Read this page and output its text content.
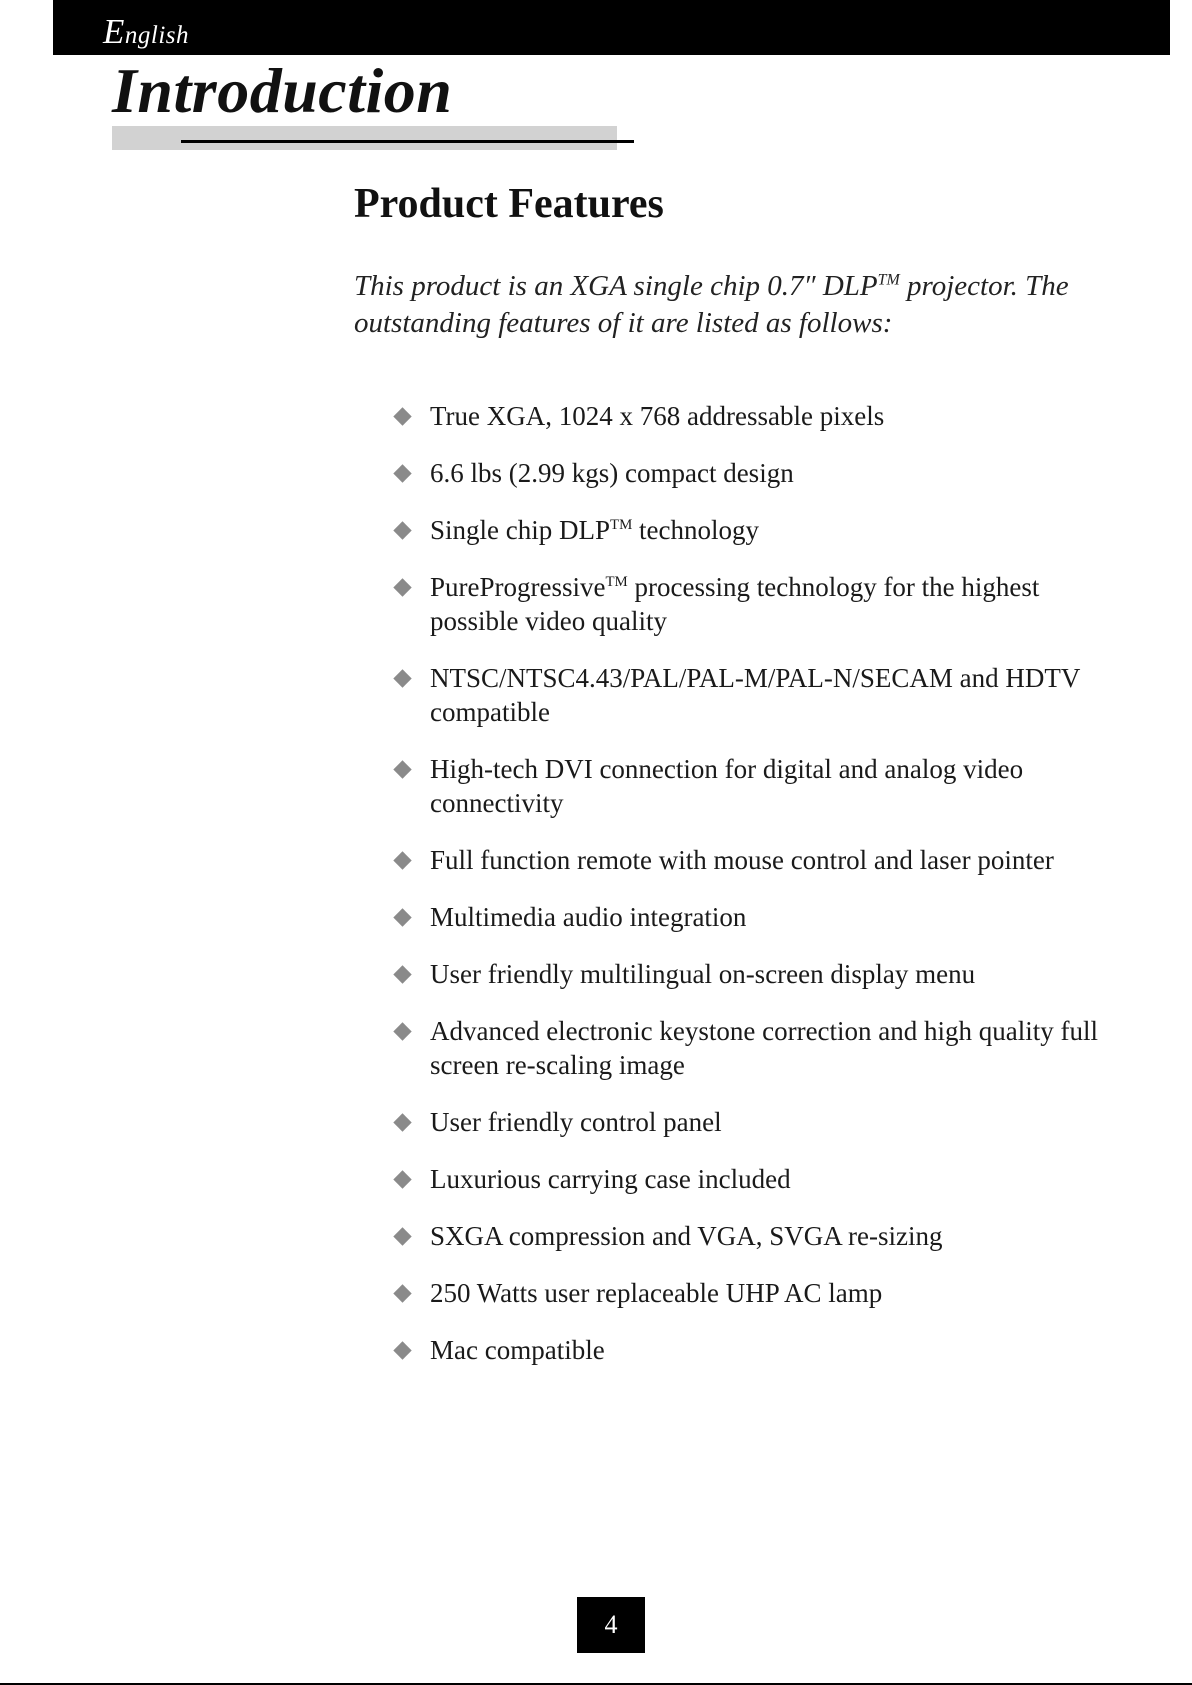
English
Introduction
Product Features

This product is an XGA single chip 0.7″ DLP™ projector. The
outstanding features of it are listed as follows:

True XGA, 1024 x 768 addressable pixels
6.6 lbs (2.99 kgs) compact design
Single chip DLP™ technology
PureProgressive™ processing technology for the highest possible video quality
NTSC/NTSC4.43/PAL/PAL-M/PAL-N/SECAM and HDTV compatible
High-tech DVI connection for digital and analog video connectivity
Full function remote with mouse control and laser pointer
Multimedia audio integration
User friendly multilingual on-screen display menu
Advanced electronic keystone correction and high quality full screen re-scaling image
User friendly control panel
Luxurious carrying case included
SXGA compression and VGA, SVGA re-sizing
250 Watts user replaceable UHP AC lamp
Mac compatible
4
